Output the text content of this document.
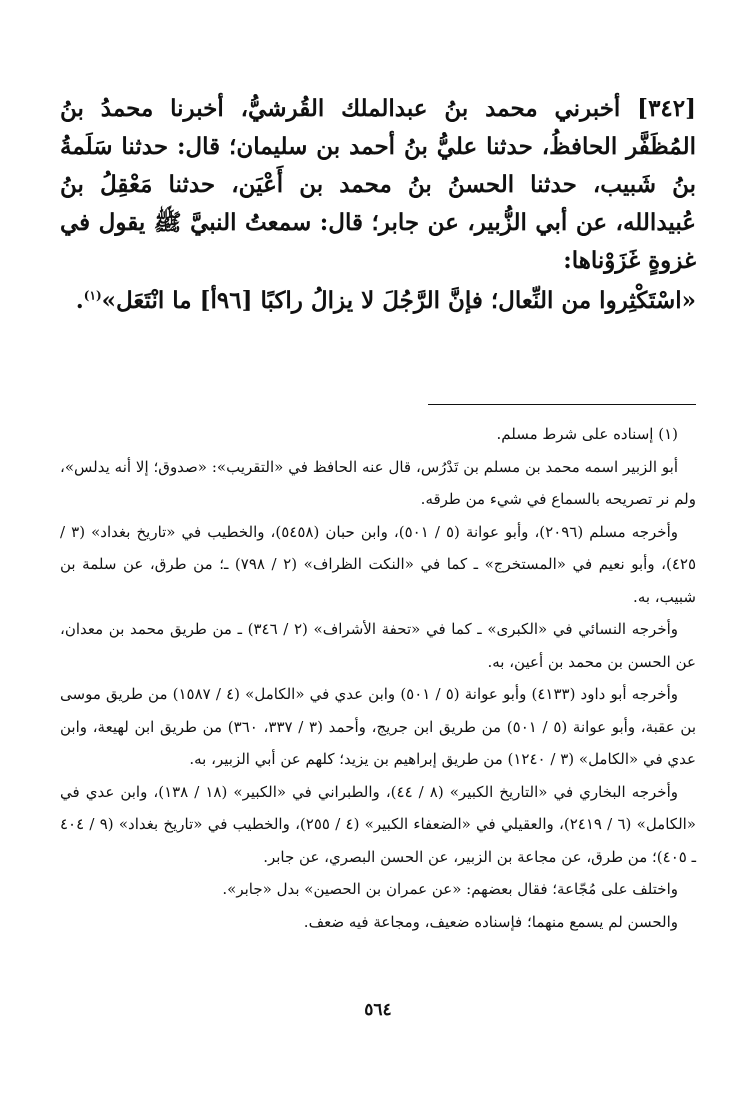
[٣٤٢] أخبرني محمد بنُ عبدالملك القُرشيُّ، أخبرنا محمدُ بنُ المُظَفَّر الحافظُ، حدثنا عليُّ بنُ أحمد بن سليمان؛ قال: حدثنا سَلَمةُ بنُ شَبيب، حدثنا الحسنُ بنُ محمد بن أَعْيَن، حدثنا مَعْقِلُ بنُ عُبيدالله، عن أبي الزُّبير، عن جابر؛ قال: سمعتُ النبيَّ ﷺ يقول في غزوةٍ غَزَوْناها:

«اسْتَكْثِروا من النِّعال؛ فإنَّ الرَّجُلَ لا يزالُ راكبًا [٩٦أ] ما انْتَعَل»$^{(١)}$.

(١) إسناده على شرط مسلم.

أبو الزبير اسمه محمد بن مسلم بن تَدْرُس، قال عنه الحافظ في «التقريب»: «صدوق؛ إلا أنه يدلس»، ولم نر تصريحه بالسماع في شيء من طرقه.

وأخرجه مسلم (٢٠٩٦)، وأبو عوانة (٥ / ٥٠١)، وابن حبان (٥٤٥٨)، والخطيب في «تاريخ بغداد» (٣ / ٤٢٥)، وأبو نعيم في «المستخرج» ـ كما في «النكت الظراف» (٢ / ٧٩٨) ـ؛ من طرق، عن سلمة بن شبيب، به.

وأخرجه النسائي في «الكبرى» ـ كما في «تحفة الأشراف» (٢ / ٣٤٦) ـ من طريق محمد بن معدان، عن الحسن بن محمد بن أعين، به.

وأخرجه أبو داود (٤١٣٣) وأبو عوانة (٥ / ٥٠١) وابن عدي في «الكامل» (٤ / ١٥٨٧) من طريق موسى بن عقبة، وأبو عوانة (٥ / ٥٠١) من طريق ابن جريج، وأحمد (٣ / ٣٣٧، ٣٦٠) من طريق ابن لهيعة، وابن عدي في «الكامل» (٣ / ١٢٤٠) من طريق إبراهيم بن يزيد؛ كلهم عن أبي الزبير، به.

وأخرجه البخاري في «التاريخ الكبير» (٨ / ٤٤)، والطبراني في «الكبير» (١٨ / ١٣٨)، وابن عدي في «الكامل» (٦ / ٢٤١٩)، والعقيلي في «الضعفاء الكبير» (٤ / ٢٥٥)، والخطيب في «تاريخ بغداد» (٩ / ٤٠٤ ـ ٤٠٥)؛ من طرق، عن مجاعة بن الزبير، عن الحسن البصري، عن جابر.

واختلف على مُجّاعة؛ فقال بعضهم: «عن عمران بن الحصين» بدل «جابر».

والحسن لم يسمع منهما؛ فإسناده ضعيف، ومجاعة فيه ضعف.

٥٦٤
